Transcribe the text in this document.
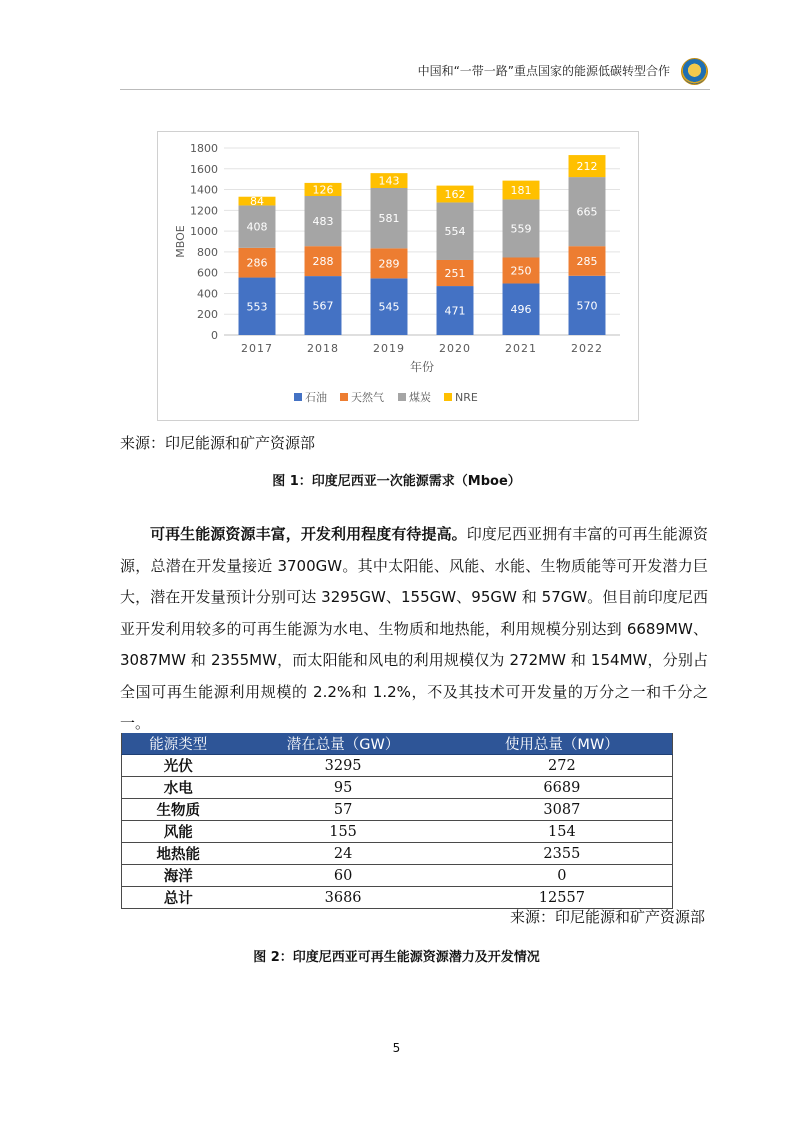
中国和“一带一路”重点国家的能源低碳转型合作
0
200
400
600
800
1000
1200
1400
1600
1800
MBOE
553
286
408
84
2017
567
288
483
126
2018
545
289
581
143
2019
471
251
554
162
2020
496
250
559
181
2021
570
285
665
212
2022
年份
石油 天然气 煤炭 NRE
来源：印尼能源和矿产资源部
图 1：印度尼西亚一次能源需求（Mboe）

可再生能源资源丰富，开发利用程度有待提高。印度尼西亚拥有丰富的可再生能源资源，总潜在开发量接近 3700GW。其中太阳能、风能、水能、生物质能等可开发潜力巨大，潜在开发量预计分别可达 3295GW、155GW、95GW 和 57GW。但目前印度尼西亚开发利用较多的可再生能源为水电、生物质和地热能，利用规模分别达到 6689MW、3087MW 和 2355MW，而太阳能和风电的利用规模仅为 272MW 和 154MW，分别占全国可再生能源利用规模的 2.2%和 1.2%，不及其技术可开发量的万分之一和千分之一。

能源类型	潜在总量（GW）	使用总量（MW）
光伏	3295	272
水电	95	6689
生物质	57	3087
风能	155	154
地热能	24	2355
海洋	60	0
总计	3686	12557
来源：印尼能源和矿产资源部
图 2：印度尼西亚可再生能源资源潜力及开发情况
5
